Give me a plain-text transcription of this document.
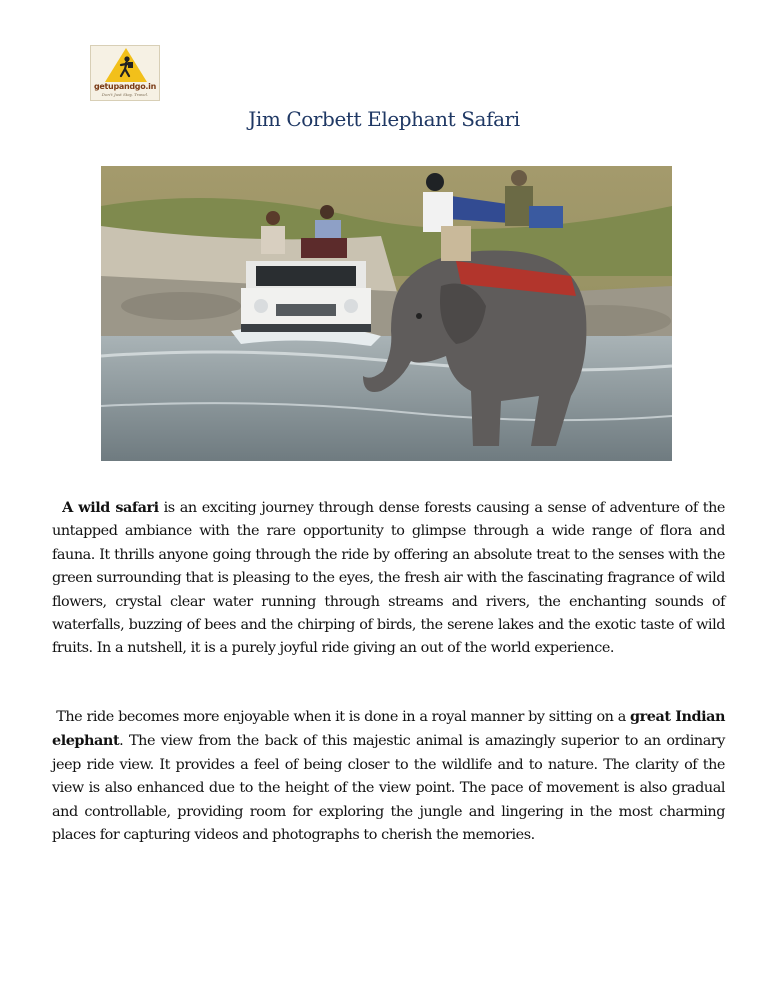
getupandgo.in
Don't Just Stay. Travel.
Jim Corbett Elephant Safari

A wild safari is an exciting journey through dense forests causing a sense of adventure of the untapped ambiance with the rare opportunity to glimpse through a wide range of flora and fauna. It thrills anyone going through the ride by offering an absolute treat to the senses with the green surrounding that is pleasing to the eyes, the fresh air with the fascinating fragrance of wild flowers, crystal clear water running through streams and rivers, the enchanting sounds of waterfalls, buzzing of bees and the chirping of birds, the serene lakes and the exotic taste of wild fruits. In a nutshell, it is a purely joyful ride giving an out of the world experience.

The ride becomes more enjoyable when it is done in a royal manner by sitting on a great Indian elephant. The view from the back of this majestic animal is amazingly superior to an ordinary jeep ride view. It provides a feel of being closer to the wildlife and to nature. The clarity of the view is also enhanced due to the height of the view point. The pace of movement is also gradual and controllable, providing room for exploring the jungle and lingering in the most charming places for capturing videos and photographs to cherish the memories.
